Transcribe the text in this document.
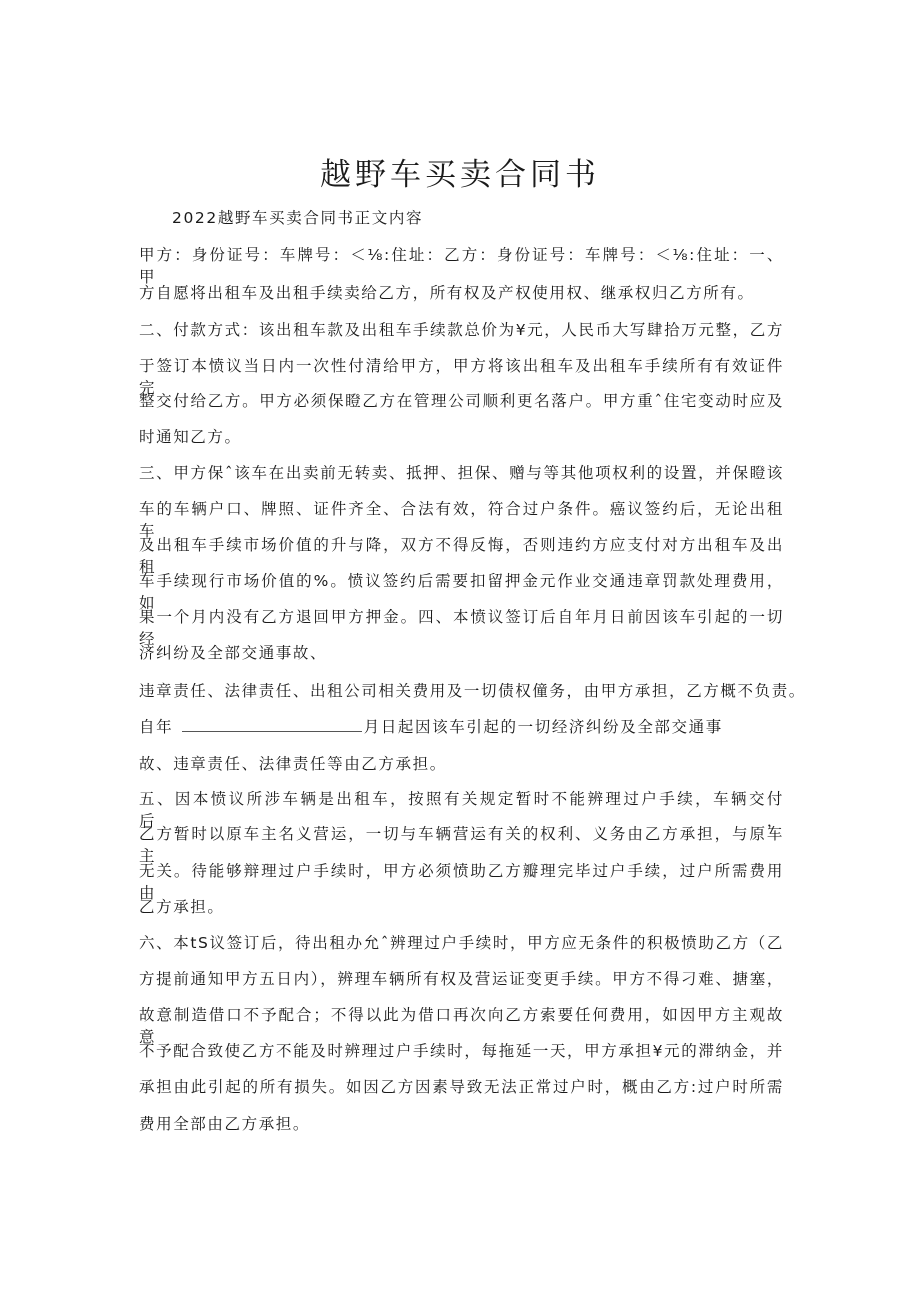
越野车买卖合同书
2022越野车买卖合同书正文内容
甲方：身份证号：车牌号：＜⅛:住址：乙方：身份证号：车牌号：＜⅛:住址：一、甲
方自愿将出租车及出租手续卖给乙方，所有权及产权使用权、继承权归乙方所有。
二、付款方式：该出租车款及出租车手续款总价为¥元，人民币大写肆拾万元整，乙方
于签订本愤议当日内一次性付清给甲方，甲方将该出租车及出租车手续所有有效证件完
整交付给乙方。甲方必须保瞪乙方在管理公司顺利更名落户。甲方重ˆ住宅变动时应及
时通知乙方。
三、甲方保ˆ该车在出卖前无转卖、抵押、担保、赠与等其他项权利的设置，并保瞪该
车的车辆户口、牌照、证件齐全、合法有效，符合过户条件。癌议签约后，无论出租车
及出租车手续市场价值的升与降，双方不得反悔，否则违约方应支付对方出租车及出租
车手续现行市场价值的%。愤议签约后需要扣留押金元作业交通违章罚款处理费用，如
果一个月内没有乙方退回甲方押金。四、本愤议签订后自年月日前因该车引起的一切经
济纠纷及全部交通事故、
违章责任、法律责任、出租公司相关费用及一切债权僮务，由甲方承担，乙方概不负责。
自年	月日起因该车引起的一切经济纠纷及全部交通事
故、违章责任、法律责任等由乙方承担。
五、因本愤议所涉车辆是出租车，按照有关规定暂时不能辨理过户手续，车辆交付后，
乙方暂时以原车主名义营运，一切与车辆营运有关的权利、义务由乙方承担，与原车主
无关。待能够辩理过户手续时，甲方必须愤助乙方瓣理完毕过户手续，过户所需费用由
乙方承担。
六、本tS议签订后，待出租办允ˆ辨理过户手续时，甲方应无条件的积极愤助乙方（乙
方提前通知甲方五日内），辨理车辆所有权及营运证变更手续。甲方不得刁难、搪塞，
故意制造借口不予配合；不得以此为借口再次向乙方索要任何费用，如因甲方主观故意
不予配合致使乙方不能及时辨理过户手续时，每拖延一天，甲方承担¥元的滞纳金，并
承担由此引起的所有损失。如因乙方因素导致无法正常过户时，概由乙方:过户时所需
费用全部由乙方承担。
